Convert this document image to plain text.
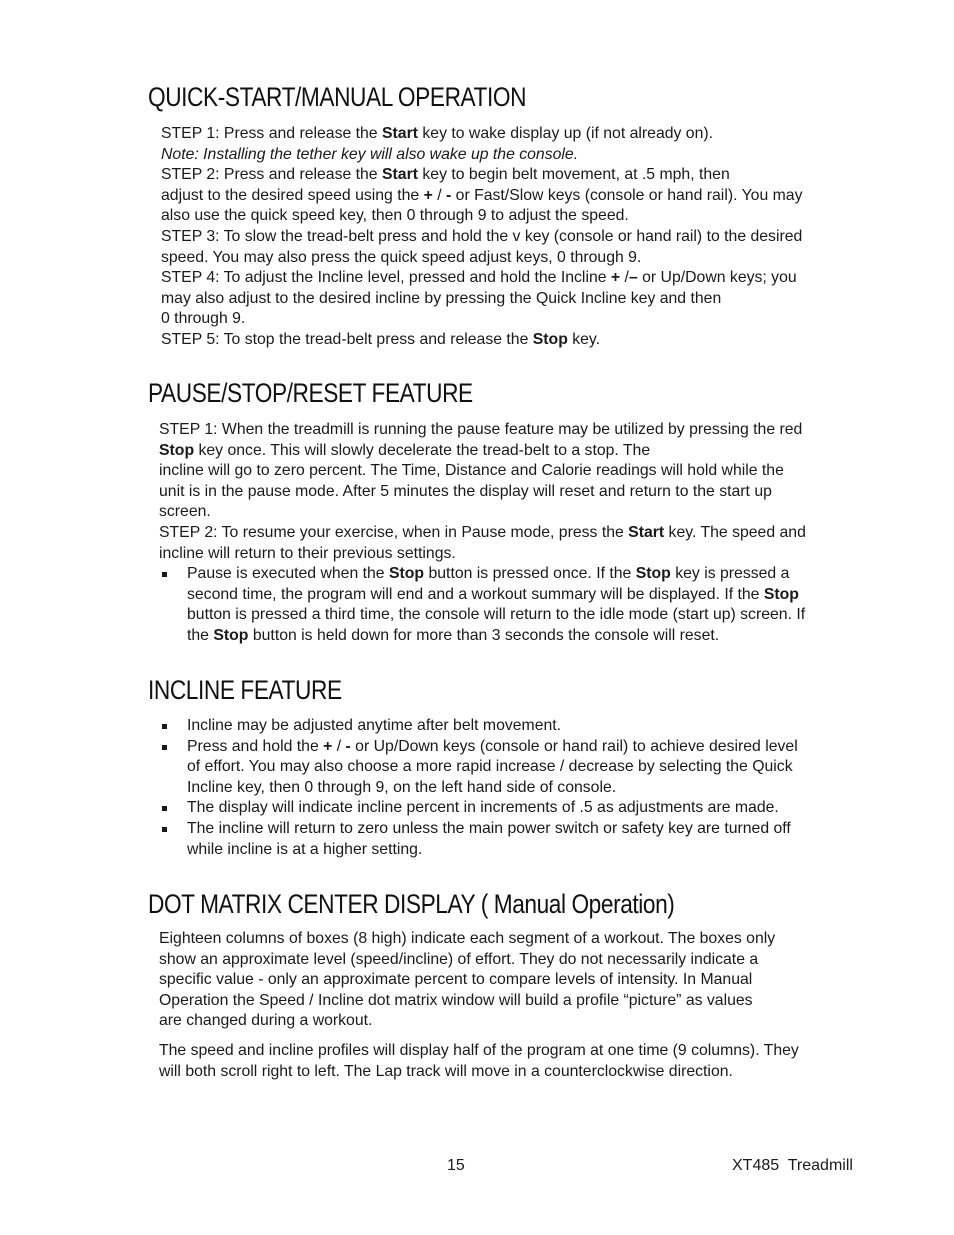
QUICK-START/MANUAL OPERATION

STEP 1: Press and release the Start key to wake display up (if not already on).

Note: Installing the tether key will also wake up the console.

STEP 2: Press and release the Start key to begin belt movement, at .5 mph, then

adjust to the desired speed using the + / - or Fast/Slow keys (console or hand rail). You may

also use the quick speed key, then 0 through 9 to adjust the speed.

STEP 3: To slow the tread-belt press and hold the v key (console or hand rail) to the desired

speed. You may also press the quick speed adjust keys, 0 through 9.

STEP 4: To adjust the Incline level, pressed and hold the Incline + /– or Up/Down keys; you

may also adjust to the desired incline by pressing the Quick Incline key and then

0 through 9.

STEP 5: To stop the tread-belt press and release the Stop key.

PAUSE/STOP/RESET FEATURE

STEP 1: When the treadmill is running the pause feature may be utilized by pressing the red

Stop key once. This will slowly decelerate the tread-belt to a stop. The

incline will go to zero percent. The Time, Distance and Calorie readings will hold while the

unit is in the pause mode. After 5 minutes the display will reset and return to the start up

screen.

STEP 2: To resume your exercise, when in Pause mode, press the Start key. The speed and

incline will return to their previous settings.

Pause is executed when the Stop button is pressed once. If the Stop key is pressed a
second time, the program will end and a workout summary will be displayed. If the Stop
button is pressed a third time, the console will return to the idle mode (start up) screen. If
the Stop button is held down for more than 3 seconds the console will reset.
INCLINE FEATURE
Incline may be adjusted anytime after belt movement.
Press and hold the + / - or Up/Down keys (console or hand rail) to achieve desired level
of effort. You may also choose a more rapid increase / decrease by selecting the Quick
Incline key, then 0 through 9, on the left hand side of console.
The display will indicate incline percent in increments of .5 as adjustments are made.
The incline will return to zero unless the main power switch or safety key are turned off
while incline is at a higher setting.
DOT MATRIX CENTER DISPLAY ( Manual Operation)

Eighteen columns of boxes (8 high) indicate each segment of a workout. The boxes only

show an approximate level (speed/incline) of effort. They do not necessarily indicate a

specific value - only an approximate percent to compare levels of intensity. In Manual

Operation the Speed / Incline dot matrix window will build a profile “picture” as values

are changed during a workout.

The speed and incline profiles will display half of the program at one time (9 columns). They

will both scroll right to left. The Lap track will move in a counterclockwise direction.

15	XT485  Treadmill
